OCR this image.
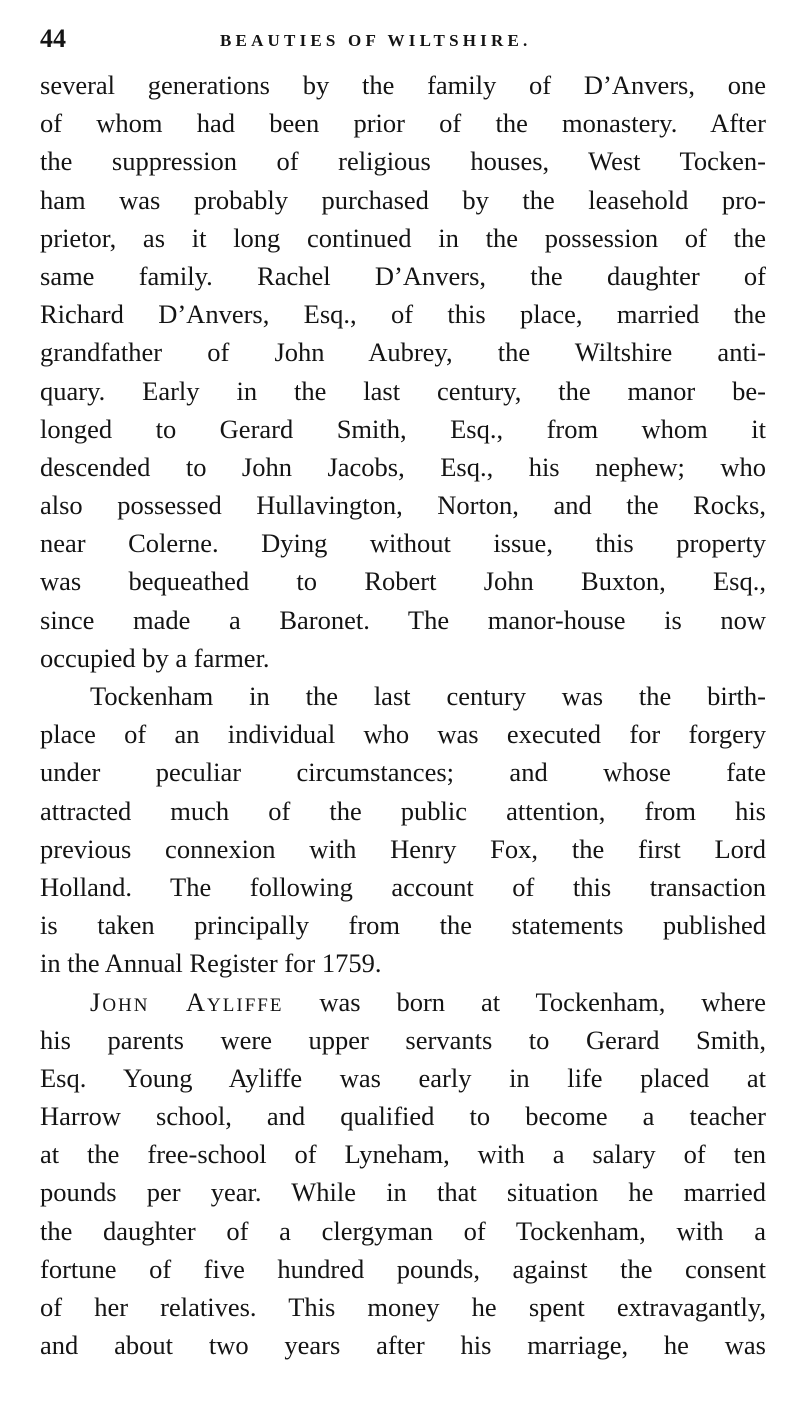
44	BEAUTIES OF WILTSHIRE.
several generations by the family of D’Anvers, one
of whom had been prior of the monastery. After
the suppression of religious houses, West Tocken-
ham was probably purchased by the leasehold pro-
prietor, as it long continued in the possession of the
same family. Rachel D’Anvers, the daughter of
Richard D’Anvers, Esq., of this place, married the
grandfather of John Aubrey, the Wiltshire anti-
quary. Early in the last century, the manor be-
longed to Gerard Smith, Esq., from whom it
descended to John Jacobs, Esq., his nephew; who
also possessed Hullavington, Norton, and the Rocks,
near Colerne. Dying without issue, this property
was bequeathed to Robert John Buxton, Esq.,
since made a Baronet. The manor-house is now
occupied by a farmer.
Tockenham in the last century was the birth-
place of an individual who was executed for forgery
under peculiar circumstances; and whose fate
attracted much of the public attention, from his
previous connexion with Henry Fox, the first Lord
Holland. The following account of this transaction
is taken principally from the statements published
in the Annual Register for 1759.
John Ayliffe was born at Tockenham, where
his parents were upper servants to Gerard Smith,
Esq. Young Ayliffe was early in life placed at
Harrow school, and qualified to become a teacher
at the free-school of Lyneham, with a salary of ten
pounds per year. While in that situation he married
the daughter of a clergyman of Tockenham, with a
fortune of five hundred pounds, against the consent
of her relatives. This money he spent extravagantly,
and about two years after his marriage, he was
